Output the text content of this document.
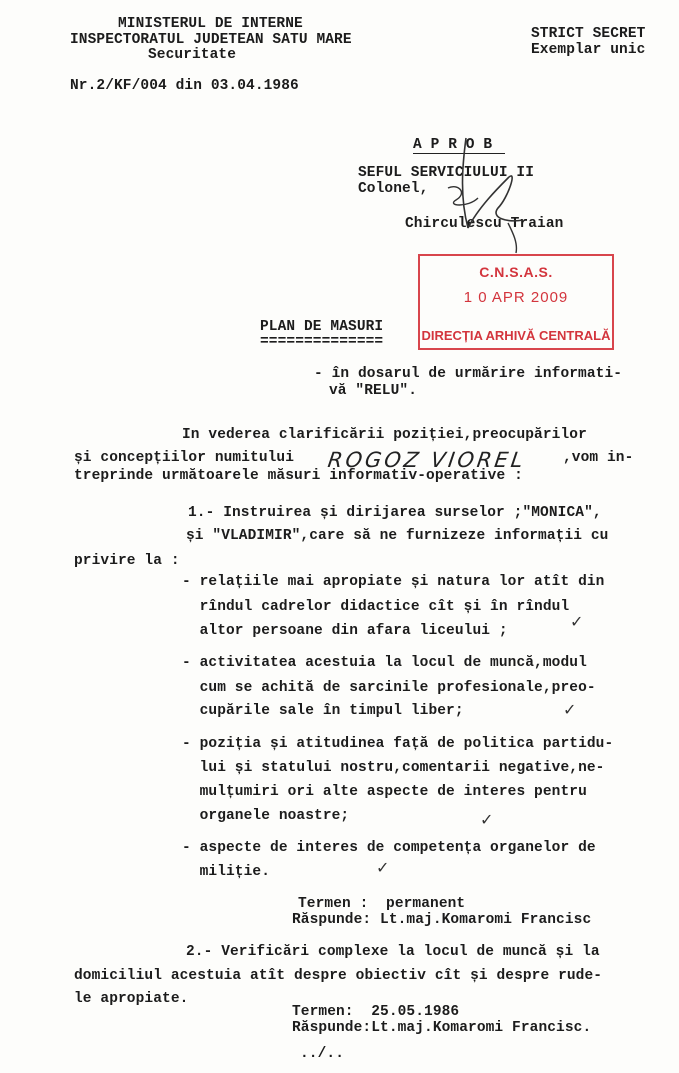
MINISTERUL DE INTERNE
INSPECTORATUL JUDETEAN SATU MARE
Securitate
STRICT SECRET
Exemplar unic
Nr.2/KF/004 din 03.04.1986
A P R O B
SEFUL SERVICIULUI II
Colonel,
Chirculescu Traian
C.N.S.A.S.
1 0 APR 2009
DIRECȚIA ARHIVĂ CENTRALĂ
PLAN DE MASURI
==============
- în dosarul de urmărire informati-
vă "RELU".
In vederea clarificării poziției,preocupărilor
și concepțiilor numitului ROGOZ VIOREL ,vom in-
treprinde următoarele măsuri informativ-operative :
1.- Instruirea și dirijarea surselor ;"MONICA",
și "VLADIMIR",care să ne furnizeze informații cu
privire la :
- relațiile mai apropiate și natura lor atît din
rîndul cadrelor didactice cît și în rîndul
altor persoane din afara liceului ;	✓
- activitatea acestuia la locul de muncă,modul
cum se achită de sarcinile profesionale,preo-
cupările sale în timpul liber;	✓
- poziția și atitudinea față de politica partidu-
lui și statului nostru,comentarii negative,ne-
mulțumiri ori alte aspecte de interes pentru
organele noastre;	✓
- aspecte de interes de competența organelor de
miliție.	✓
Termen :  permanent
Răspunde: Lt.maj.Komaromi Francisc
2.- Verificări complexe la locul de muncă și la
domiciliul acestuia atît despre obiectiv cît și despre rude-
le apropiate.
Termen:  25.05.1986
Răspunde:Lt.maj.Komaromi Francisc.
../..
